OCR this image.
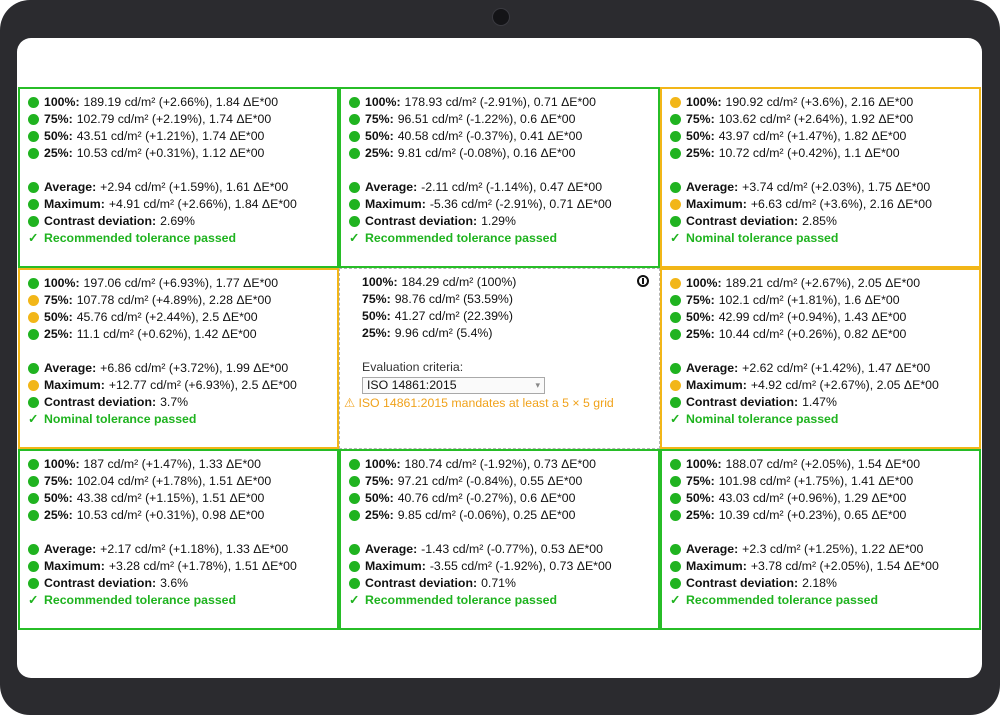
100%: 189.19 cd/m² (+2.66%), 1.84 ΔE*00
75%: 102.79 cd/m² (+2.19%), 1.74 ΔE*00
50%: 43.51 cd/m² (+1.21%), 1.74 ΔE*00
25%: 10.53 cd/m² (+0.31%), 1.12 ΔE*00
Average: +2.94 cd/m² (+1.59%), 1.61 ΔE*00
Maximum: +4.91 cd/m² (+2.66%), 1.84 ΔE*00
Contrast deviation: 2.69%
✓ Recommended tolerance passed
100%: 178.93 cd/m² (-2.91%), 0.71 ΔE*00
75%: 96.51 cd/m² (-1.22%), 0.6 ΔE*00
50%: 40.58 cd/m² (-0.37%), 0.41 ΔE*00
25%: 9.81 cd/m² (-0.08%), 0.16 ΔE*00
Average: -2.11 cd/m² (-1.14%), 0.47 ΔE*00
Maximum: -5.36 cd/m² (-2.91%), 0.71 ΔE*00
Contrast deviation: 1.29%
✓ Recommended tolerance passed
100%: 190.92 cd/m² (+3.6%), 2.16 ΔE*00
75%: 103.62 cd/m² (+2.64%), 1.92 ΔE*00
50%: 43.97 cd/m² (+1.47%), 1.82 ΔE*00
25%: 10.72 cd/m² (+0.42%), 1.1 ΔE*00
Average: +3.74 cd/m² (+2.03%), 1.75 ΔE*00
Maximum: +6.63 cd/m² (+3.6%), 2.16 ΔE*00
Contrast deviation: 2.85%
✓ Nominal tolerance passed
100%: 197.06 cd/m² (+6.93%), 1.77 ΔE*00
75%: 107.78 cd/m² (+4.89%), 2.28 ΔE*00
50%: 45.76 cd/m² (+2.44%), 2.5 ΔE*00
25%: 11.1 cd/m² (+0.62%), 1.42 ΔE*00
Average: +6.86 cd/m² (+3.72%), 1.99 ΔE*00
Maximum: +12.77 cd/m² (+6.93%), 2.5 ΔE*00
Contrast deviation: 3.7%
✓ Nominal tolerance passed
100%: 184.29 cd/m² (100%)
75%: 98.76 cd/m² (53.59%)
50%: 41.27 cd/m² (22.39%)
25%: 9.96 cd/m² (5.4%)
Evaluation criteria:
ISO 14861:2015	▾
⚠ ISO 14861:2015 mandates at least a 5 × 5 grid
100%: 189.21 cd/m² (+2.67%), 2.05 ΔE*00
75%: 102.1 cd/m² (+1.81%), 1.6 ΔE*00
50%: 42.99 cd/m² (+0.94%), 1.43 ΔE*00
25%: 10.44 cd/m² (+0.26%), 0.82 ΔE*00
Average: +2.62 cd/m² (+1.42%), 1.47 ΔE*00
Maximum: +4.92 cd/m² (+2.67%), 2.05 ΔE*00
Contrast deviation: 1.47%
✓ Nominal tolerance passed
100%: 187 cd/m² (+1.47%), 1.33 ΔE*00
75%: 102.04 cd/m² (+1.78%), 1.51 ΔE*00
50%: 43.38 cd/m² (+1.15%), 1.51 ΔE*00
25%: 10.53 cd/m² (+0.31%), 0.98 ΔE*00
Average: +2.17 cd/m² (+1.18%), 1.33 ΔE*00
Maximum: +3.28 cd/m² (+1.78%), 1.51 ΔE*00
Contrast deviation: 3.6%
✓ Recommended tolerance passed
100%: 180.74 cd/m² (-1.92%), 0.73 ΔE*00
75%: 97.21 cd/m² (-0.84%), 0.55 ΔE*00
50%: 40.76 cd/m² (-0.27%), 0.6 ΔE*00
25%: 9.85 cd/m² (-0.06%), 0.25 ΔE*00
Average: -1.43 cd/m² (-0.77%), 0.53 ΔE*00
Maximum: -3.55 cd/m² (-1.92%), 0.73 ΔE*00
Contrast deviation: 0.71%
✓ Recommended tolerance passed
100%: 188.07 cd/m² (+2.05%), 1.54 ΔE*00
75%: 101.98 cd/m² (+1.75%), 1.41 ΔE*00
50%: 43.03 cd/m² (+0.96%), 1.29 ΔE*00
25%: 10.39 cd/m² (+0.23%), 0.65 ΔE*00
Average: +2.3 cd/m² (+1.25%), 1.22 ΔE*00
Maximum: +3.78 cd/m² (+2.05%), 1.54 ΔE*00
Contrast deviation: 2.18%
✓ Recommended tolerance passed
